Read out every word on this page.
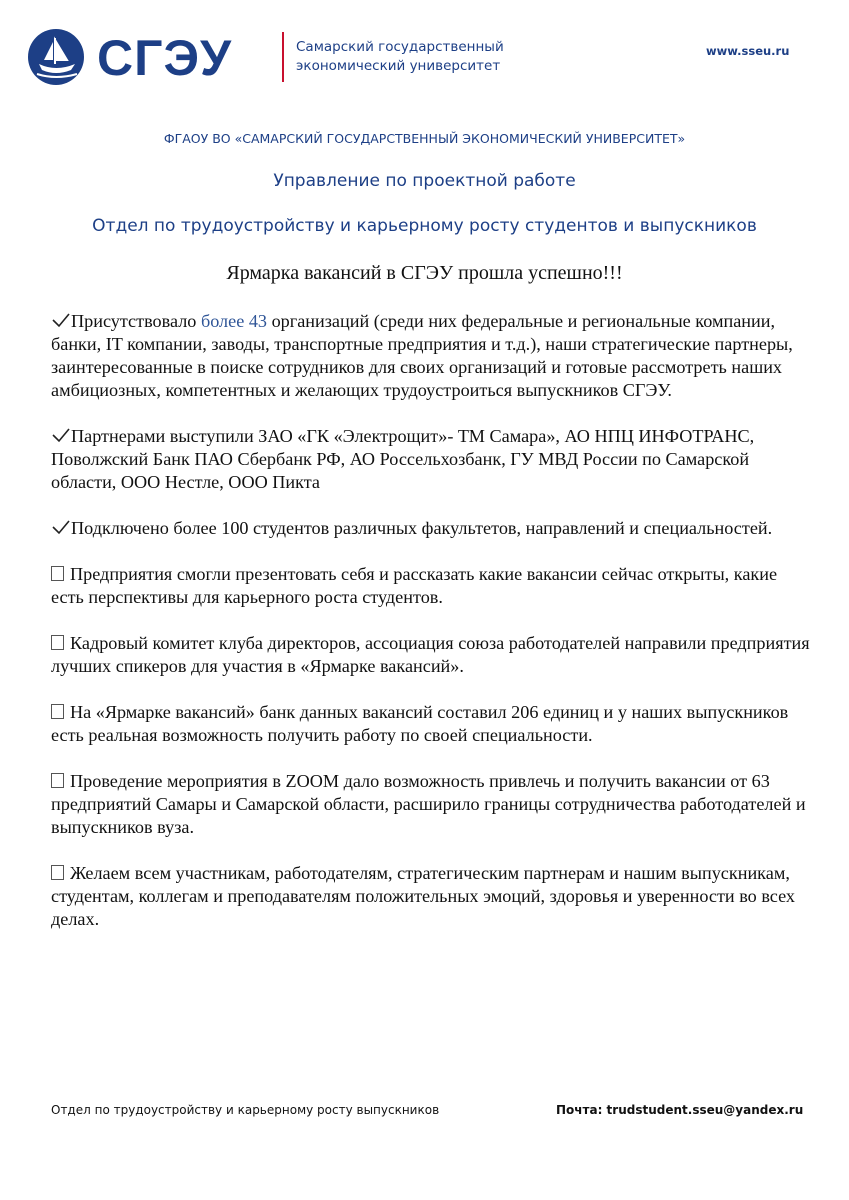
СГЭУ	Самарский государственный
экономический университет
www.sseu.ru
ФГАОУ ВО «САМАРСКИЙ ГОСУДАРСТВЕННЫЙ ЭКОНОМИЧЕСКИЙ УНИВЕРСИТЕТ»
Управление по проектной работе
Отдел по трудоустройству и карьерному росту студентов и выпускников
Ярмарка вакансий в СГЭУ прошла успешно!!!

Присутствовало более 43 организаций (среди них федеральные и региональные компании, банки, IT компании, заводы, транспортные предприятия и т.д.), наши стратегические партнеры, заинтересованные в поиске сотрудников для своих организаций и готовые рассмотреть наших амбициозных, компетентных и желающих трудоустроиться выпускников СГЭУ.

Партнерами выступили ЗАО «ГК «Электрощит»- ТМ Самара», АО НПЦ ИНФОТРАНС, Поволжский Банк ПАО Сбербанк РФ, АО Россельхозбанк, ГУ МВД России по Самарской области, ООО Нестле, ООО Пикта

Подключено более 100 студентов различных факультетов, направлений и специальностей.

Предприятия смогли презентовать себя и рассказать какие вакансии сейчас открыты, какие есть перспективы для карьерного роста студентов.

Кадровый комитет клуба директоров, ассоциация союза работодателей направили предприятия лучших спикеров для участия в «Ярмарке вакансий».

На «Ярмарке вакансий» банк данных вакансий составил 206 единиц и у наших выпускников есть реальная возможность получить работу по своей специальности.

Проведение мероприятия в ZOOM дало возможность привлечь и получить вакансии от 63 предприятий Самары и Самарской области, расширило границы сотрудничества работодателей и выпускников вуза.

Желаем всем участникам, работодателям, стратегическим партнерам и нашим выпускникам, студентам, коллегам и преподавателям положительных эмоций, здоровья и уверенности во всех делах.

Отдел по трудоустройству и карьерному росту выпускников	Почта: trudstudent.sseu@yandex.ru
